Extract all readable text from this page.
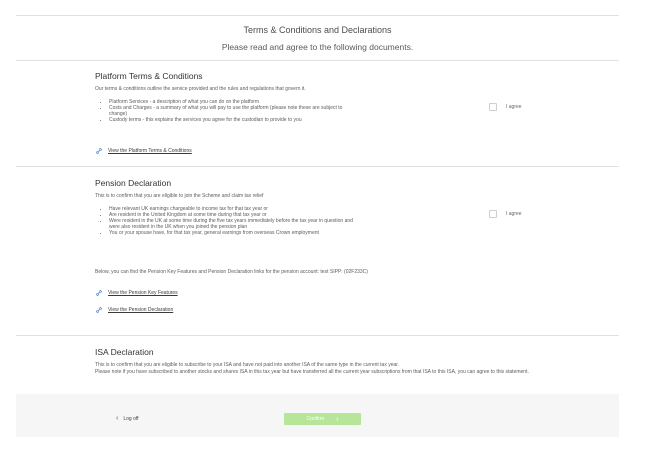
Terms & Conditions and Declarations
Please read and agree to the following documents.
Platform Terms & Conditions
Our terms & conditions outline the service provided and the rules and regulations that govern it.
• Platform Services - a description of what you can do on the platform
• Costs and Charges - a summary of what you will pay to use the platform (please note these are subject to change)
• Custody terms - this explains the services you agree for the custodian to provide to you
I agree
View the Platform Terms & Conditions
Pension Declaration
This is to confirm that you are eligible to join the Scheme and claim tax relief
• Have relevant UK earnings chargeable to income tax for that tax year or
• Are resident in the United Kingdom at some time during that tax year or
• Were resident in the UK at some time during the five tax years immediately before the tax year in question and were also resident in the UK when you joined the pension plan
• You or your spouse have, for that tax year, general earnings from overseas Crown employment
I agree
Below, you can find the Pension Key Features and Pension Declaration links for the pension account: test SIPP: (02F233C)
View the Pension Key Features
View the Pension Declaration
ISA Declaration
This is to confirm that you are eligible to subscribe to your ISA and have not paid into another ISA of the same type in the current tax year.
Please note if you have subscribed to another stocks and shares ISA in this tax year but have transferred all the current year subscriptions from that ISA to this ISA, you can agree to this statement.
‹ Log off	Confirm ›
